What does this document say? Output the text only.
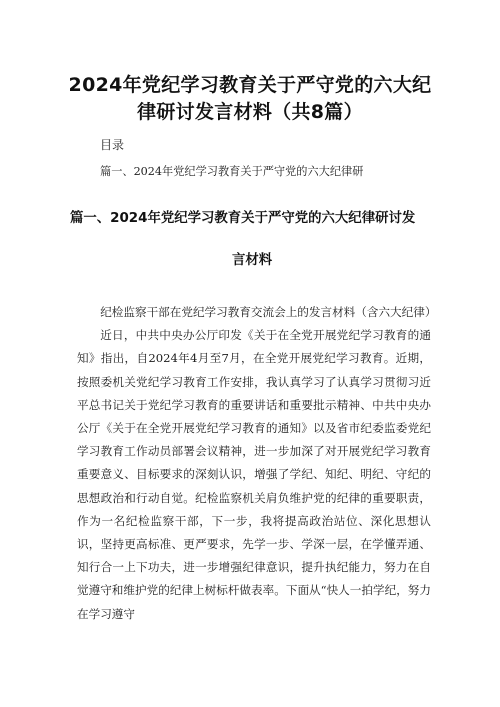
2024年党纪学习教育关于严守党的六大纪
律研讨发言材料（共8篇）
目录
篇一、2024年党纪学习教育关于严守党的六大纪律研
篇一、2024年党纪学习教育关于严守党的六大纪律研讨发
言材料

纪检监察干部在党纪学习教育交流会上的发言材料（含六大纪律）

近日，中共中央办公厅印发《关于在全党开展党纪学习教育的通知》指出，自2024年4月至7月，在全党开展党纪学习教育。近期，按照委机关党纪学习教育工作安排，我认真学习了认真学习贯彻习近平总书记关于党纪学习教育的重要讲话和重要批示精神、中共中央办公厅《关于在全党开展党纪学习教育的通知》以及省市纪委监委党纪学习教育工作动员部署会议精神，进一步加深了对开展党纪学习教育重要意义、目标要求的深刻认识，增强了学纪、知纪、明纪、守纪的思想政治和行动自觉。纪检监察机关肩负维护党的纪律的重要职责，作为一名纪检监察干部，下一步，我将提高政治站位、深化思想认识，坚持更高标准、更严要求，先学一步、学深一层，在学懂弄通、知行合一上下功夫，进一步增强纪律意识，提升执纪能力，努力在自觉遵守和维护党的纪律上树标杆做表率。下面从“快人一拍学纪，努力在学习遵守
